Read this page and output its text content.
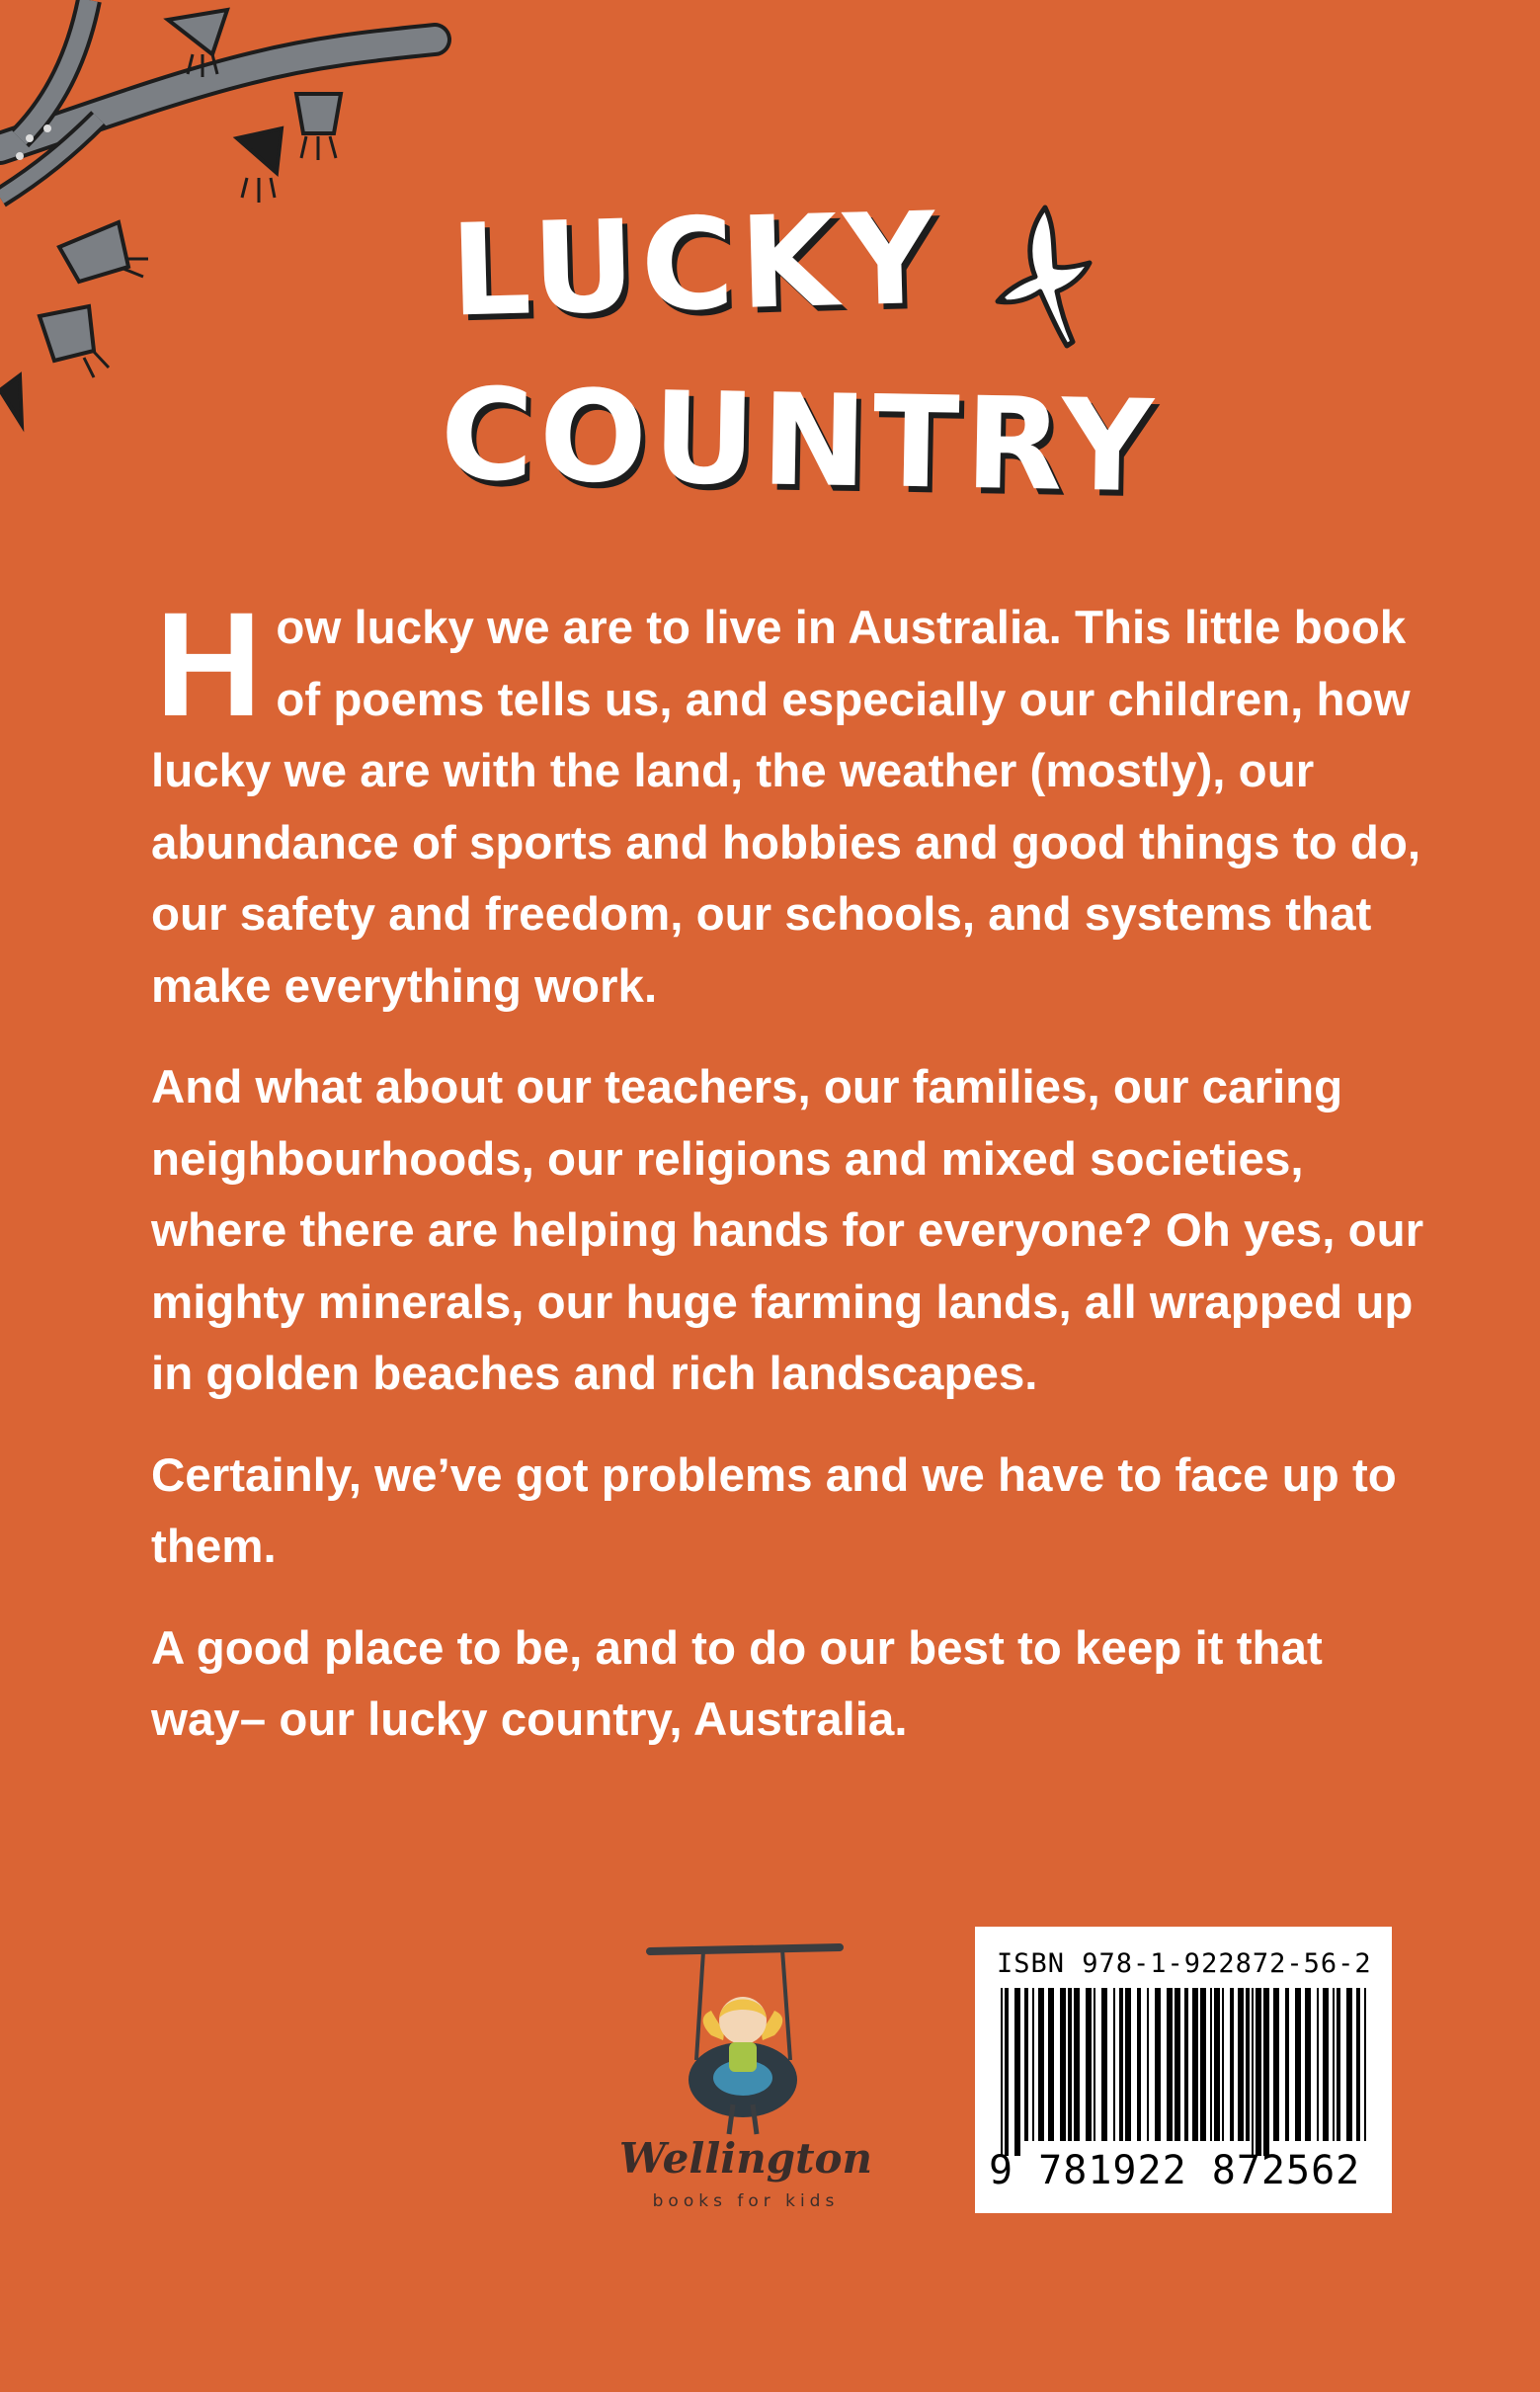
LUCKY
COUNTRY

How lucky we are to live in Australia. This little book of poems tells us, and especially our children, how lucky we are with the land, the weather (mostly), our abundance of sports and hobbies and good things to do, our safety and freedom, our schools, and systems that make everything work.

And what about our teachers, our families, our caring neighbourhoods, our religions and mixed societies, where there are helping hands for everyone? Oh yes, our mighty minerals, our huge farming lands, all wrapped up in golden beaches and rich landscapes.

Certainly, we’ve got problems and we have to face up to them.

A good place to be, and to do our best to keep it that way– our lucky country, Australia.

Wellington
books for kids
ISBN 978-1-922872-56-2
9 781922 872562
